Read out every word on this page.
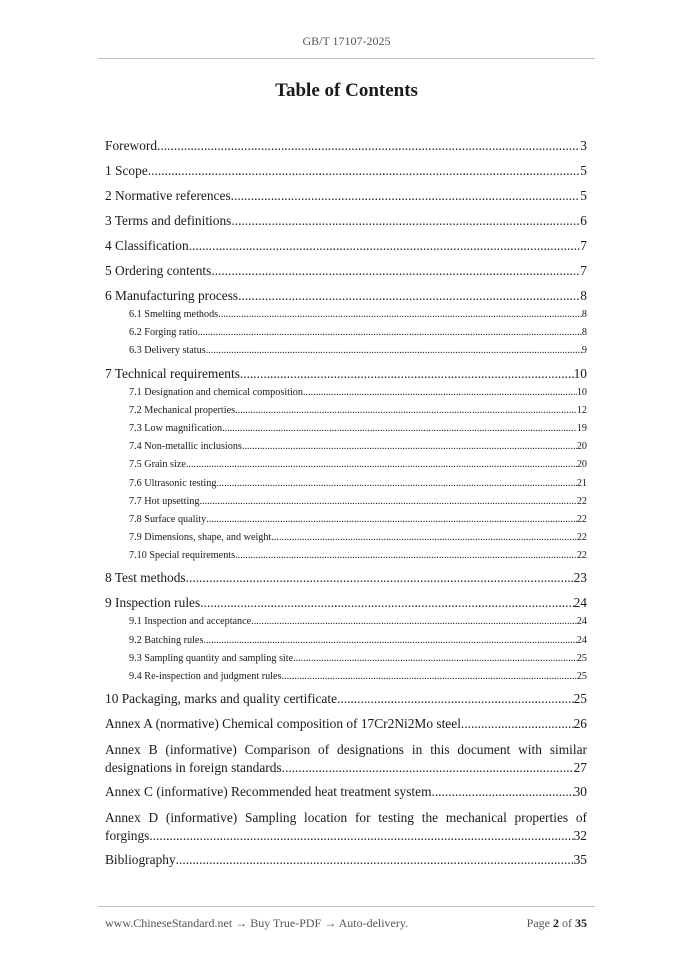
GB/T 17107-2025
Table of Contents
Foreword .....	3
1 Scope .....	5
2 Normative references .....	5
3 Terms and definitions .....	6
4 Classification .....	7
5 Ordering contents .....	7
6 Manufacturing process .....	8
6.1 Smelting methods .....	8
6.2 Forging ratio .....	8
6.3 Delivery status .....	9
7 Technical requirements .....	10
7.1 Designation and chemical composition .....	10
7.2 Mechanical properties .....	12
7.3 Low magnification .....	19
7.4 Non-metallic inclusions .....	20
7.5 Grain size .....	20
7.6 Ultrasonic testing .....	21
7.7 Hot upsetting .....	22
7.8 Surface quality .....	22
7.9 Dimensions, shape, and weight .....	22
7.10 Special requirements .....	22
8 Test methods .....	23
9 Inspection rules .....	24
9.1 Inspection and acceptance .....	24
9.2 Batching rules .....	24
9.3 Sampling quantity and sampling site .....	25
9.4 Re-inspection and judgment rules .....	25
10 Packaging, marks and quality certificate .....	25
Annex A (normative) Chemical composition of 17Cr2Ni2Mo steel .....	26
Annex B (informative) Comparison of designations in this document with similar
designations in foreign standards .....	27
Annex C (informative) Recommended heat treatment system .....	30
Annex D (informative) Sampling location for testing the mechanical properties of
forgings .....	32
Bibliography .....	35
www.ChineseStandard.net → Buy True-PDF → Auto-delivery.	Page 2 of 35
